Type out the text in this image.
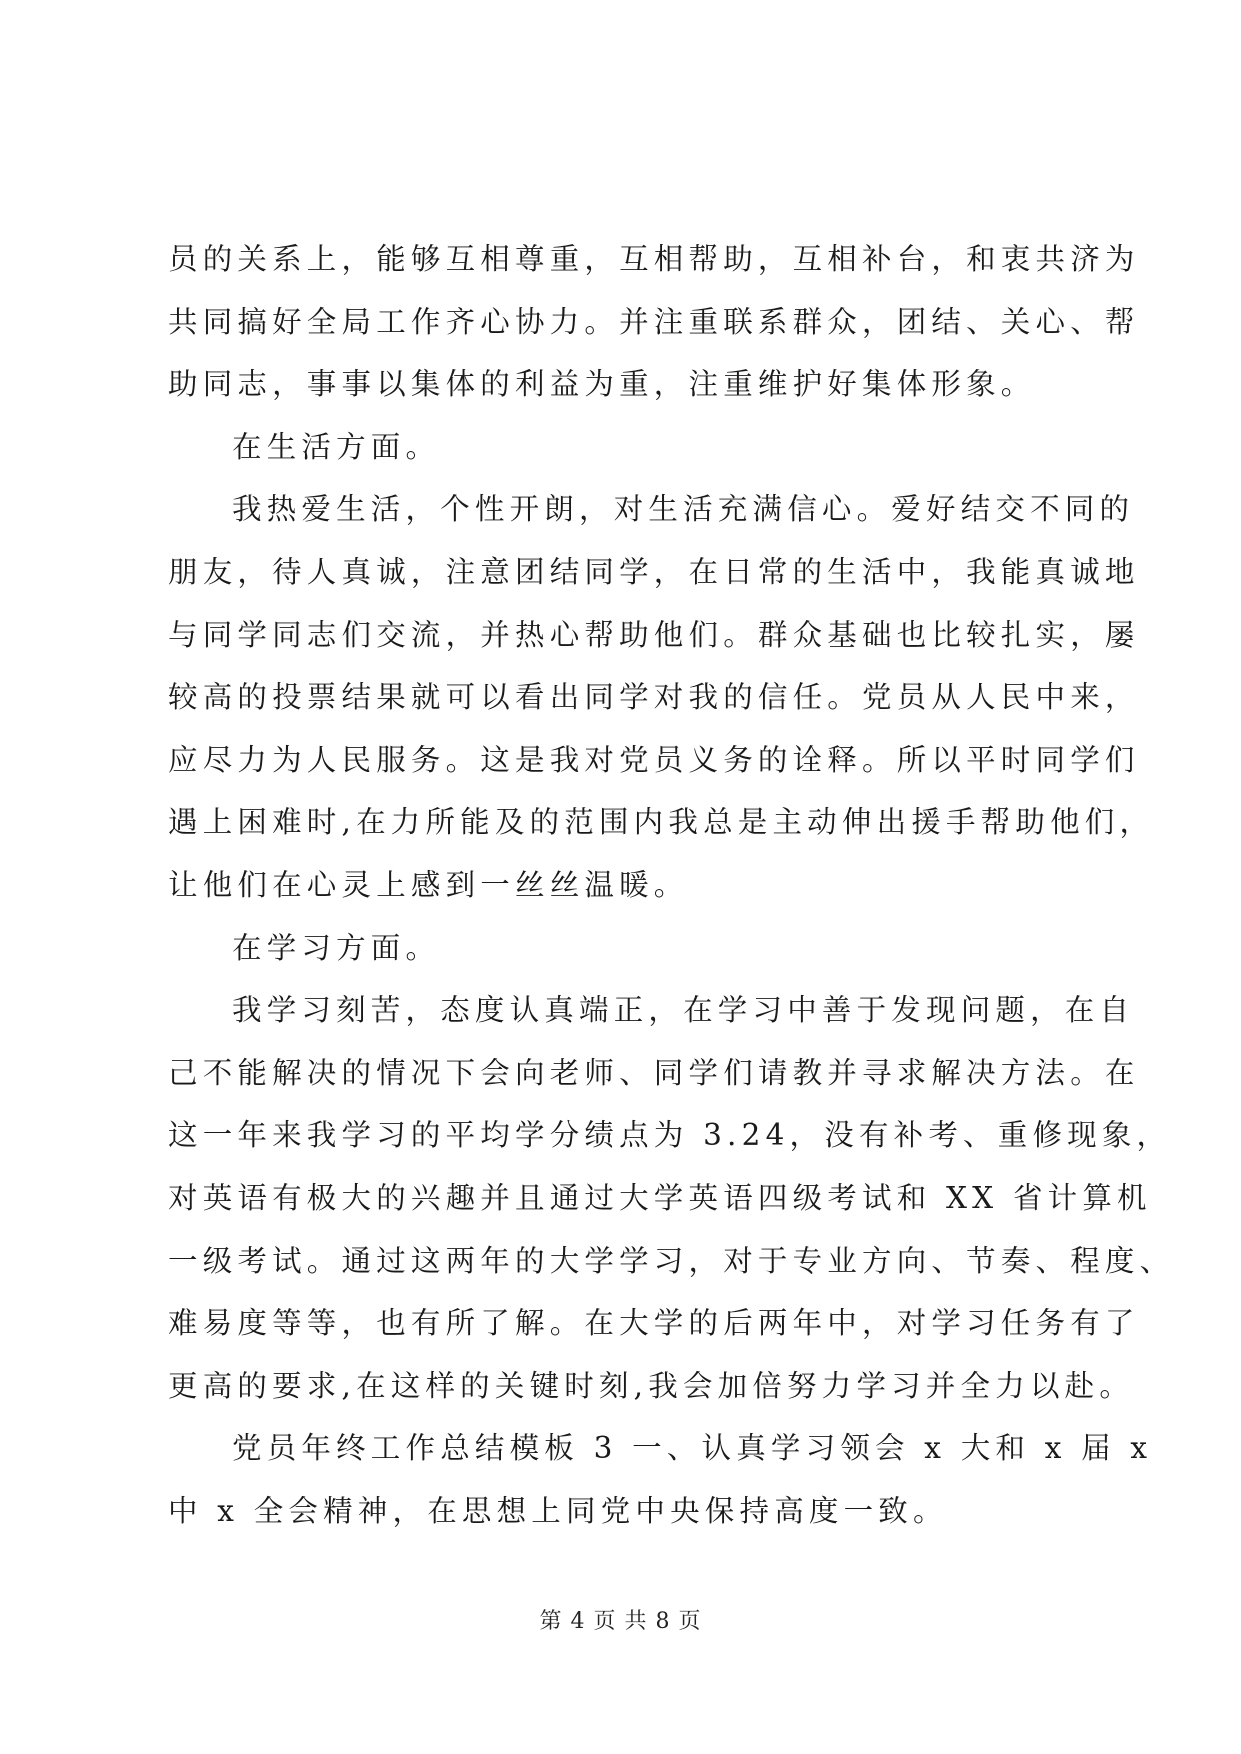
员的关系上，能够互相尊重，互相帮助，互相补台，和衷共济为
共同搞好全局工作齐心协力。并注重联系群众，团结、关心、帮
助同志，事事以集体的利益为重，注重维护好集体形象。
在生活方面。
我热爱生活，个性开朗，对生活充满信心。爱好结交不同的
朋友，待人真诚，注意团结同学，在日常的生活中，我能真诚地
与同学同志们交流，并热心帮助他们。群众基础也比较扎实，屡
较高的投票结果就可以看出同学对我的信任。党员从人民中来，
应尽力为人民服务。这是我对党员义务的诠释。所以平时同学们
遇上困难时,在力所能及的范围内我总是主动伸出援手帮助他们，
让他们在心灵上感到一丝丝温暖。
在学习方面。
我学习刻苦，态度认真端正，在学习中善于发现问题，在自
己不能解决的情况下会向老师、同学们请教并寻求解决方法。在
这一年来我学习的平均学分绩点为 3.24，没有补考、重修现象，
对英语有极大的兴趣并且通过大学英语四级考试和 XX 省计算机
一级考试。通过这两年的大学学习，对于专业方向、节奏、程度、
难易度等等，也有所了解。在大学的后两年中，对学习任务有了
更高的要求,在这样的关键时刻,我会加倍努力学习并全力以赴。
党员年终工作总结模板 3 一、认真学习领会 x 大和 x 届 x
中 x 全会精神，在思想上同党中央保持高度一致。
第 4 页 共 8 页
